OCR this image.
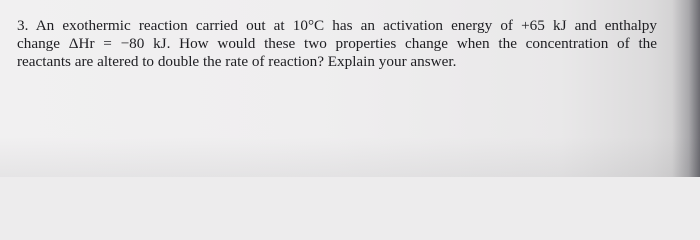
3. An exothermic reaction carried out at 10°C has an activation energy of +65 kJ and enthalpy
change ΔHr = −80 kJ. How would these two properties change when the concentration of the
reactants are altered to double the rate of reaction? Explain your answer.
